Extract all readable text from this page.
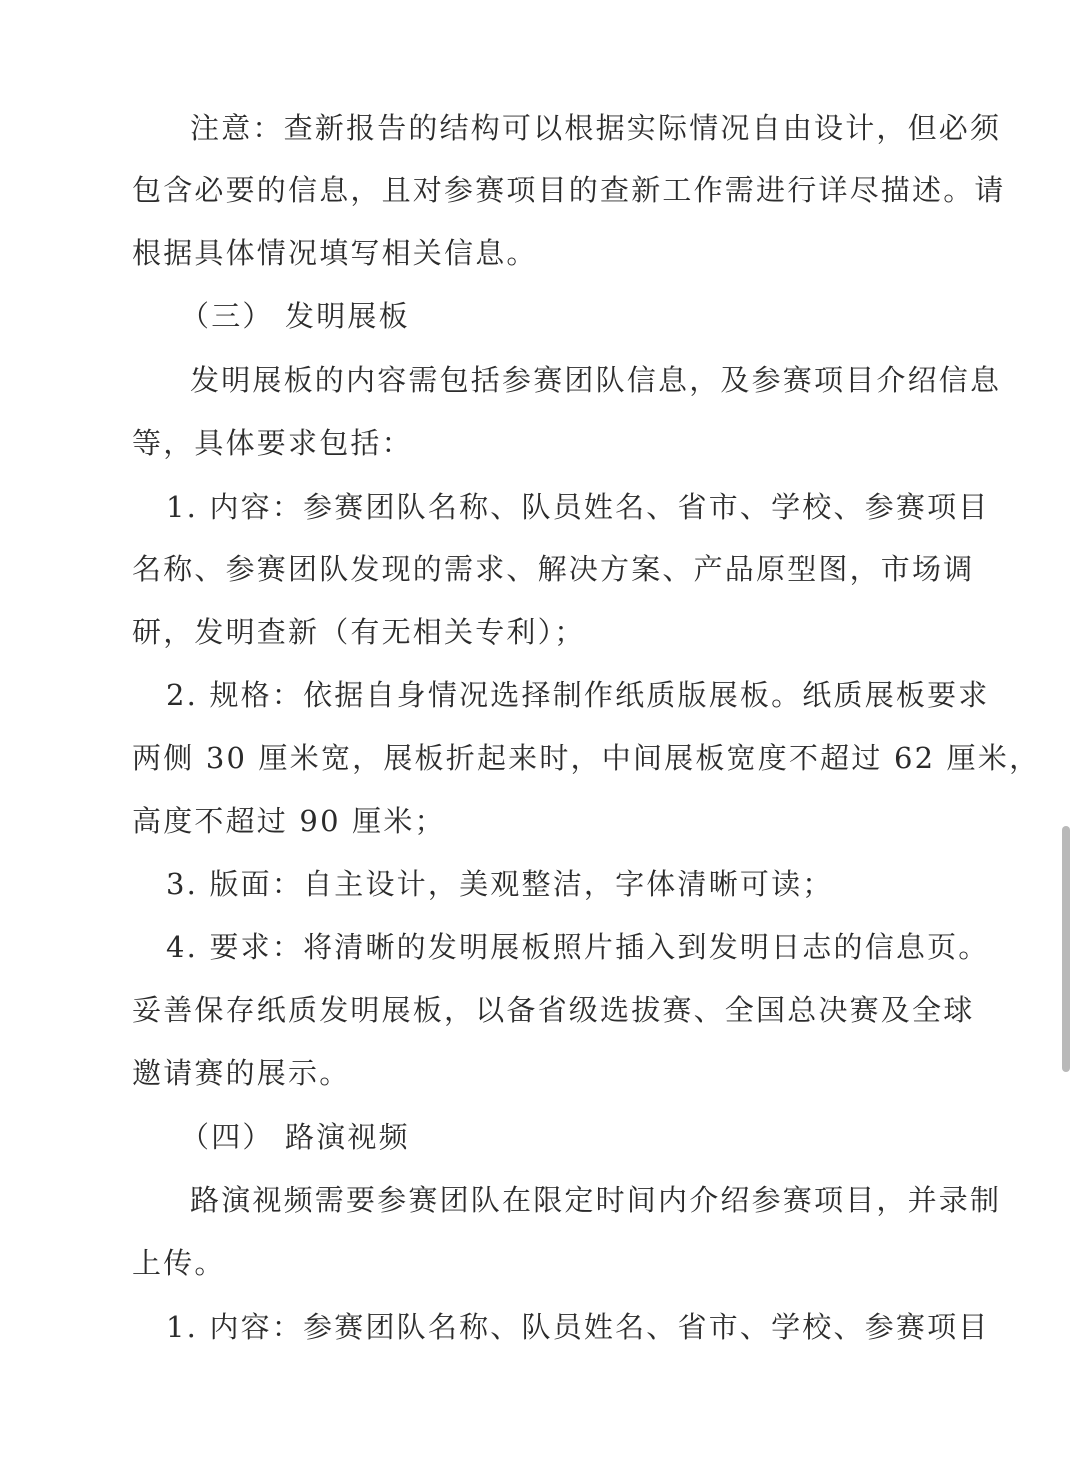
注意：查新报告的结构可以根据实际情况自由设计，但必须
包含必要的信息，且对参赛项目的查新工作需进行详尽描述。请
根据具体情况填写相关信息。
（三） 发明展板
发明展板的内容需包括参赛团队信息，及参赛项目介绍信息
等，具体要求包括：
1. 内容：参赛团队名称、队员姓名、省市、学校、参赛项目
名称、参赛团队发现的需求、解决方案、产品原型图，市场调
研，发明查新（有无相关专利）；
2. 规格：依据自身情况选择制作纸质版展板。纸质展板要求
两侧 30 厘米宽，展板折起来时，中间展板宽度不超过 62 厘米，
高度不超过 90 厘米；
3. 版面：自主设计，美观整洁，字体清晰可读；
4. 要求：将清晰的发明展板照片插入到发明日志的信息页。
妥善保存纸质发明展板，以备省级选拔赛、全国总决赛及全球
邀请赛的展示。
（四） 路演视频
路演视频需要参赛团队在限定时间内介绍参赛项目，并录制
上传。
1. 内容：参赛团队名称、队员姓名、省市、学校、参赛项目
